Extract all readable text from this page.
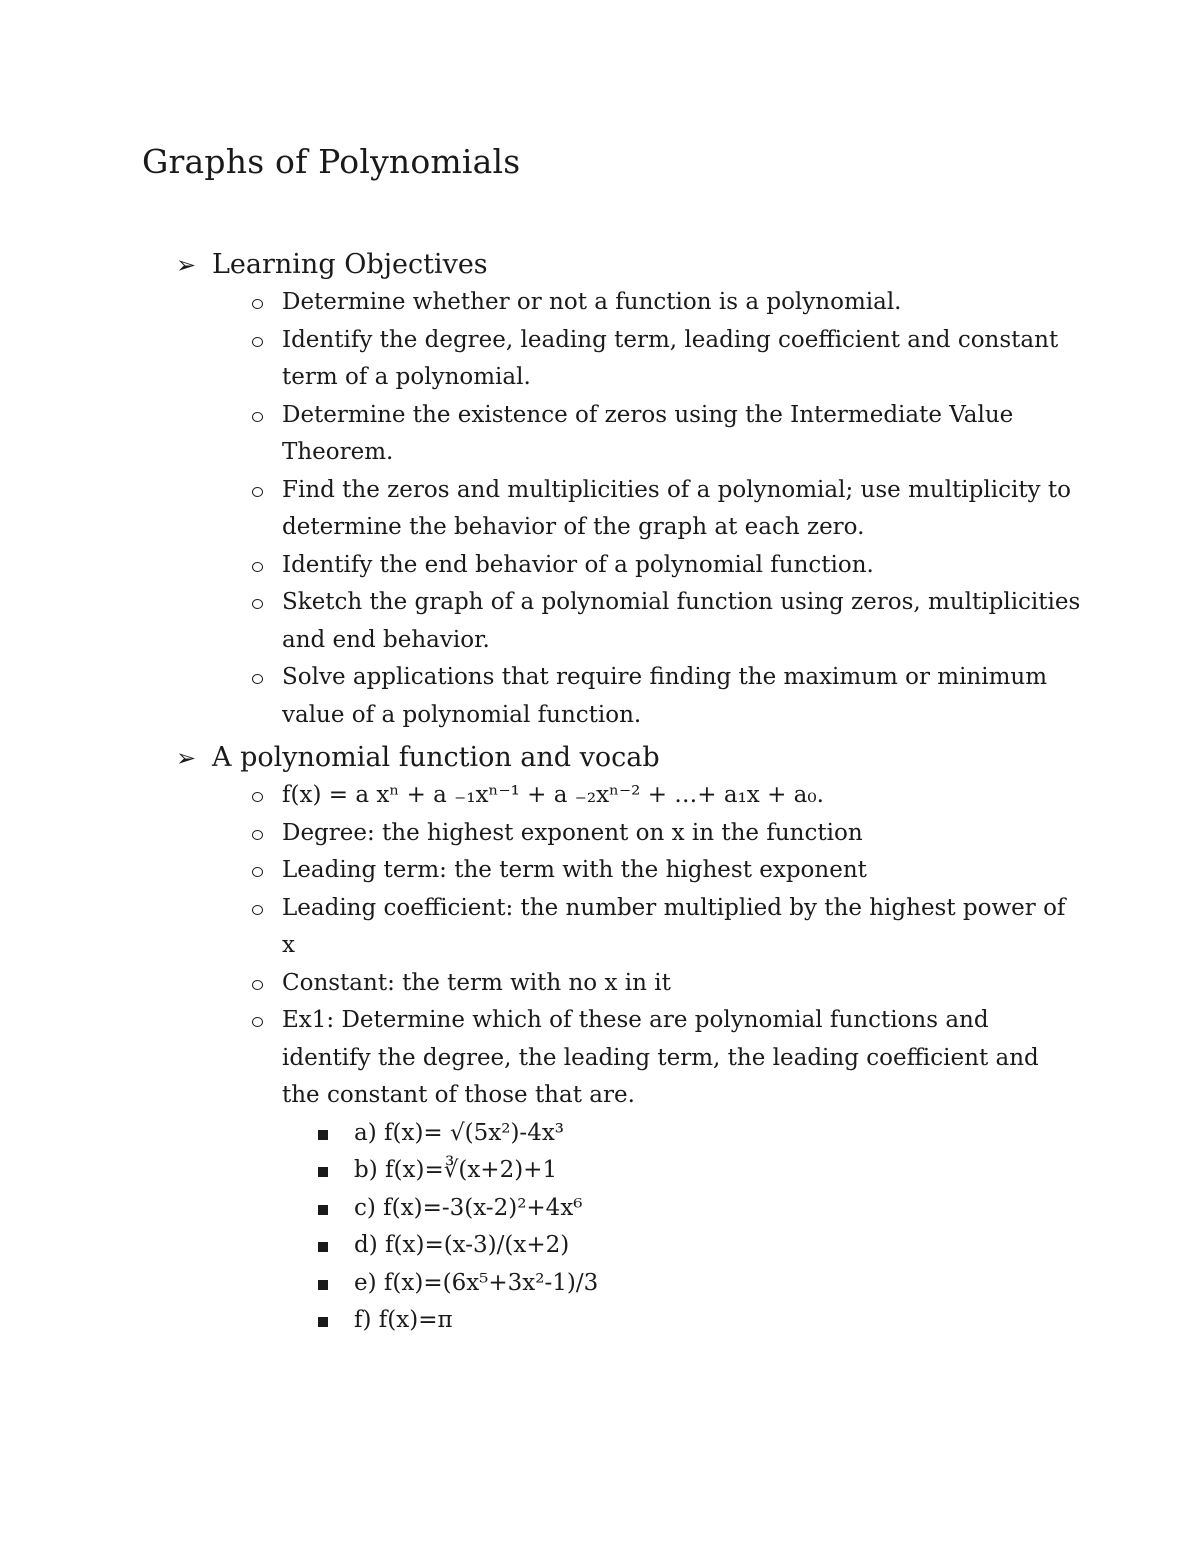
Graphs of Polynomials
➢ Learning Objectives
Determine whether or not a function is a polynomial.
Identify the degree, leading term, leading coefficient and constant term of a polynomial.
Determine the existence of zeros using the Intermediate Value Theorem.
Find the zeros and multiplicities of a polynomial; use multiplicity to determine the behavior of the graph at each zero.
Identify the end behavior of a polynomial function.
Sketch the graph of a polynomial function using zeros, multiplicities and end behavior.
Solve applications that require finding the maximum or minimum value of a polynomial function.
➢ A polynomial function and vocab
f(x) = a xⁿ + a ₋₁xⁿ⁻¹ + a ₋₂xⁿ⁻² + …+ a₁x + a₀.
Degree: the highest exponent on x in the function
Leading term: the term with the highest exponent
Leading coefficient: the number multiplied by the highest power of x
Constant: the term with no x in it
Ex1: Determine which of these are polynomial functions and identify the degree, the leading term, the leading coefficient and the constant of those that are.
a) f(x)= √(5x²)-4x³
b) f(x)=∛(x+2)+1
c) f(x)=-3(x-2)²+4x⁶
d) f(x)=(x-3)/(x+2)
e) f(x)=(6x⁵+3x²-1)/3
f) f(x)=π
